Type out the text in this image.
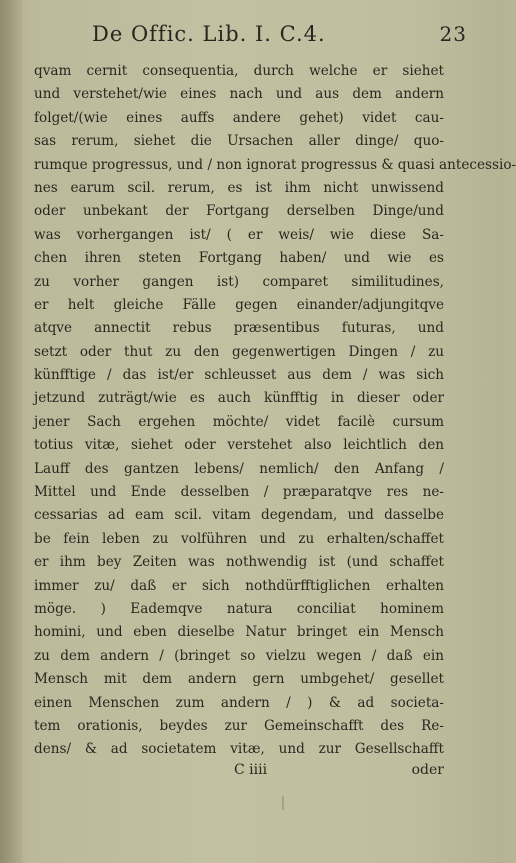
De Offic. Lib. I. C.4.	23
qvam cernit consequentia, durch welche er siehet
und verstehet/wie eines nach und aus dem andern
folget/(wie eines auffs andere gehet) videt cau-
sas rerum, siehet die Ursachen aller dinge/ quo-
rumque progressus, und / non ignorat progressus & quasi antecessio-
nes earum scil. rerum, es ist ihm nicht unwissend
oder unbekant der Fortgang derselben Dinge/und
was vorhergangen ist/ ( er weis/ wie diese Sa-
chen ihren steten Fortgang haben/ und wie es
zu vorher gangen ist) comparet similitudines,
er helt gleiche Fälle gegen einander/adjungitqve
atqve annectit rebus præsentibus futuras, und
setzt oder thut zu den gegenwertigen Dingen / zu
künfftige / das ist/er schleusset aus dem / was sich
jetzund zuträgt/wie es auch künfftig in dieser oder
jener Sach ergehen möchte/ videt facilè cursum
totius vitæ, siehet oder verstehet also leichtlich den
Lauff des gantzen lebens/ nemlich/ den Anfang /
Mittel und Ende desselben / præparatqve res ne-
cessarias ad eam scil. vitam degendam, und dasselbe
be fein leben zu volführen und zu erhalten/schaffet
er ihm bey Zeiten was nothwendig ist (und schaffet
immer zu/ daß er sich nothdürfftiglichen erhalten
möge. ) Eademqve natura conciliat hominem
homini, und eben dieselbe Natur bringet ein Mensch
zu dem andern / (bringet so vielzu wegen / daß ein
Mensch mit dem andern gern umbgehet/ gesellet
einen Menschen zum andern / ) & ad societa-
tem orationis, beydes zur Gemeinschafft des Re-
dens/ & ad societatem vitæ, und zur Gesellschafft
C iiii	oder
